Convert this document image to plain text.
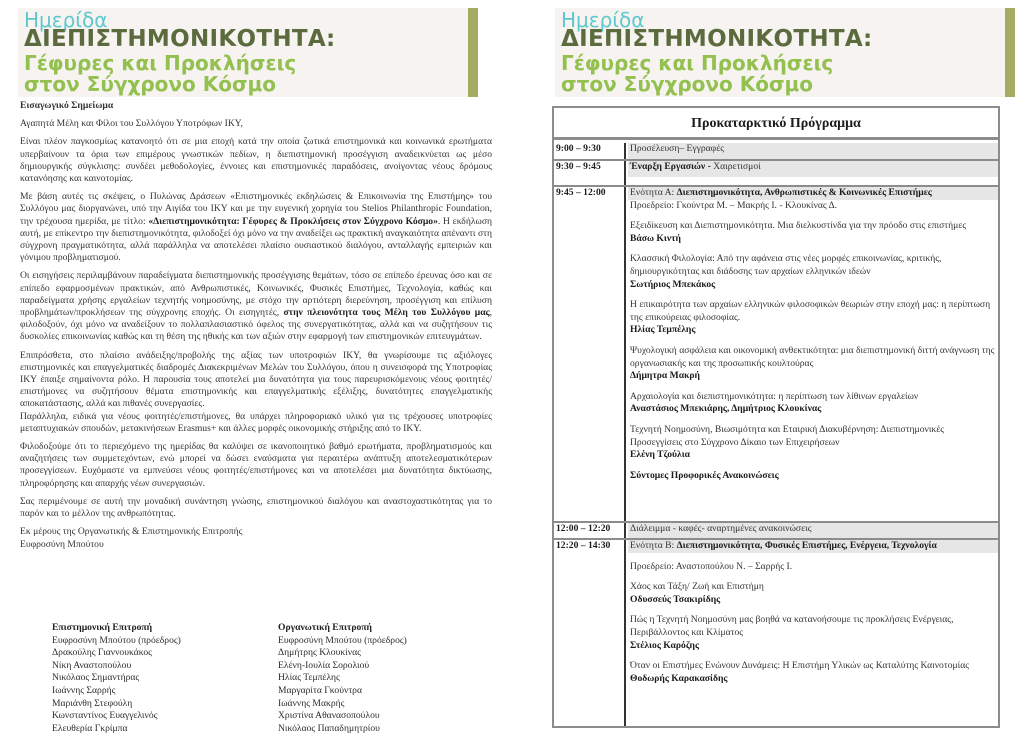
Ημερίδα
ΔΙΕΠΙΣΤΗΜΟΝΙΚΟΤΗΤΑ:
Γέφυρες και Προκλήσεις
στον Σύγχρονο Κόσμο
Ημερίδα
ΔΙΕΠΙΣΤΗΜΟΝΙΚΟΤΗΤΑ:
Γέφυρες και Προκλήσεις
στον Σύγχρονο Κόσμο
Εισαγωγικό Σημείωμα

Αγαπητά Μέλη και Φίλοι του Συλλόγου Υποτρόφων ΙΚΥ,

Είναι πλέον παγκοσμίως κατανοητό ότι σε μια εποχή κατά την οποία ζωτικά επιστημονικά και κοινωνικά ερωτήματα υπερβαίνουν τα όρια των επιμέρους γνωστικών πεδίων, η διεπιστημονική προσέγγιση αναδεικνύεται ως μέσο δημιουργικής σύγκλισης: συνδέει μεθοδολογίες, έννοιες και επιστημονικές παραδόσεις, ανοίγοντας νέους δρόμους κατανόησης και καινοτομίας.

Με βάση αυτές τις σκέψεις, ο Πυλώνας Δράσεων «Επιστημονικές εκδηλώσεις & Επικοινωνία της Επιστήμης» του Συλλόγου μας διοργανώνει, υπό την Αιγίδα του ΙΚΥ και με την ευγενική χορηγία του Stelios Philanthropic Foundation, την τρέχουσα ημερίδα, με τίτλο: «Διεπιστημονικότητα: Γέφυρες & Προκλήσεις στον Σύγχρονο Κόσμο». Η εκδήλωση αυτή, με επίκεντρο την διεπιστημονικότητα, φιλοδοξεί όχι μόνο να την αναδείξει ως πρακτική αναγκαιότητα απέναντι στη σύγχρονη πραγματικότητα, αλλά παράλληλα να αποτελέσει πλαίσιο ουσιαστικού διαλόγου, ανταλλαγής εμπειριών και γόνιμου προβληματισμού.

Οι εισηγήσεις περιλαμβάνουν παραδείγματα διεπιστημονικής προσέγγισης θεμάτων, τόσο σε επίπεδο έρευνας όσο και σε επίπεδο εφαρμοσμένων πρακτικών, από Ανθρωπιστικές, Κοινωνικές, Φυσικές Επιστήμες, Τεχνολογία, καθώς και παραδείγματα χρήσης εργαλείων τεχνητής νοημοσύνης, με στόχο την αρτιότερη διερεύνηση, προσέγγιση και επίλυση προβλημάτων/προκλήσεων της σύγχρονης εποχής. Οι εισηγητές, στην πλειονότητα τους Μέλη του Συλλόγου μας, φιλοδοξούν, όχι μόνο να αναδείξουν το πολλαπλασιαστικό όφελος της συνεργατικότητας, αλλά και να συζητήσουν τις δυσκολίες επικοινωνίας καθώς και τη θέση της ηθικής και των αξιών στην εφαρμογή των επιστημονικών επιτευγμάτων.

Επιπρόσθετα, στο πλαίσιο ανάδειξης/προβολής της αξίας των υποτροφιών ΙΚΥ, θα γνωρίσουμε τις αξιόλογες επιστημονικές και επαγγελματικές διαδρομές Διακεκριμένων Μελών του Συλλόγου, όπου η συνεισφορά της Υποτροφίας ΙΚΥ έπαιξε σημαίνοντα ρόλο. Η παρουσία τους αποτελεί μια δυνατότητα για τους παρευρισκόμενους νέους φοιτητές/επιστήμονες να συζητήσουν θέματα επιστημονικής και επαγγελματικής εξέλιξης, δυνατότητες επαγγελματικής αποκατάστασης, αλλά και πιθανές συνεργασίες.

Παράλληλα, ειδικά για νέους φοιτητές/επιστήμονες, θα υπάρχει πληροφοριακό υλικό για τις τρέχουσες υποτροφίες μεταπτυχιακών σπουδών, μετακινήσεων Erasmus+ και άλλες μορφές οικονομικής στήριξης από το ΙΚΥ.

Φιλοδοξούμε ότι το περιεχόμενο της ημερίδας θα καλύψει σε ικανοποιητικό βαθμό ερωτήματα, προβληματισμούς και αναζητήσεις των συμμετεχόντων, ενώ μπορεί να δώσει εναύσματα για περαιτέρω ανάπτυξη αποτελεσματικότερων προσεγγίσεων. Ευχόμαστε να εμπνεύσει νέους φοιτητές/επιστήμονες και να αποτελέσει μια δυνατότητα δικτύωσης, πληροφόρησης και απαρχής νέων συνεργασιών.

Σας περιμένουμε σε αυτή την μοναδική συνάντηση γνώσης, επιστημονικού διαλόγου και αναστοχαστικότητας για το παρόν και το μέλλον της ανθρωπότητας.

Εκ μέρους της Οργανωτικής & Επιστημονικής Επιτροπής
Ευφροσύνη Μπούτου
Επιστημονική Επιτροπή
Ευφροσύνη Μπούτου (πρόεδρος)
Δρακούλης Γιαννουκάκος
Νίκη Αναστοπούλου
Νικόλαος Σημαντήρας
Ιωάννης Σαρρής
Μαριάνθη Στεφούλη
Κωνσταντίνος Ευαγγελινός
Ελευθερία Γκρίμπα
Οργανωτική Επιτροπή
Ευφροσύνη Μπούτου (πρόεδρος)
Δημήτρης Κλουκίνας
Ελένη-Ιουλία Σορολιού
Ηλίας Τεμπέλης
Μαργαρίτα Γκούντρα
Ιωάννης Μακρής
Χριστίνα Αθανασοπούλου
Νικόλαος Παπαδημητρίου
Προκαταρκτικό Πρόγραμμα
9:00 – 9:30	Προσέλευση– Εγγραφές
9:30 – 9:45	Έναρξη Εργασιών - Χαιρετισμοί
9:45 – 12:00	Ενότητα Α: Διεπιστημονικότητα, Ανθρωπιστικές & Κοινωνικές Επιστήμες
Προεδρείο: Γκούντρα Μ. – Μακρής Ι. - Κλουκίνας Δ.
Εξειδίκευση και Διεπιστημονικότητα. Μια διελκυστίνδα για την πρόοδο στις επιστήμες
Βάσω Κιντή
Κλασσική Φιλολογία: Από την αφάνεια στις νέες μορφές επικοινωνίας, κριτικής, δημιουργικότητας και διάδοσης των αρχαίων ελληνικών ιδεών
Σωτήριος Μπεκάκος
Η επικαιρότητα των αρχαίων ελληνικών φιλοσοφικών θεωριών στην εποχή μας: η περίπτωση της επικούρειας φιλοσοφίας.
Ηλίας Τεμπέλης
Ψυχολογική ασφάλεια και οικονομική ανθεκτικότητα: μια διεπιστημονική διττή ανάγνωση της οργανωσιακής και της προσωπικής κουλτούρας
Δήμητρα Μακρή
Αρχαιολογία και διεπιστημονικότητα: η περίπτωση των λίθινων εργαλείων
Αναστάσιος Μπεκιάρης, Δημήτριος Κλουκίνας
Τεχνητή Νοημοσύνη, Βιωσιμότητα και Εταιρική Διακυβέρνηση: Διεπιστημονικές Προσεγγίσεις στο Σύγχρονο Δίκαιο των Επιχειρήσεων
Ελένη Τζούλια
Σύντομες Προφορικές Ανακοινώσεις
12:00 – 12:20	Διάλειμμα - καφές- αναρτημένες ανακοινώσεις
12:20 – 14:30	Ενότητα Β: Διεπιστημονικότητα, Φυσικές Επιστήμες, Ενέργεια, Τεχνολογία
Προεδρείο: Αναστοπούλου Ν. – Σαρρής Ι.
Χάος και Τάξη/ Ζωή και Επιστήμη
Οδυσσεύς Τσακιρίδης
Πώς η Τεχνητή Νοημοσύνη μας βοηθά να κατανοήσουμε τις προκλήσεις Ενέργειας, Περιβάλλοντος και Κλίματος
Στέλιος Καρόζης
Όταν οι Επιστήμες Ενώνουν Δυνάμεις: Η Επιστήμη Υλικών ως Καταλύτης Καινοτομίας
Θοδωρής Καρακασίδης
